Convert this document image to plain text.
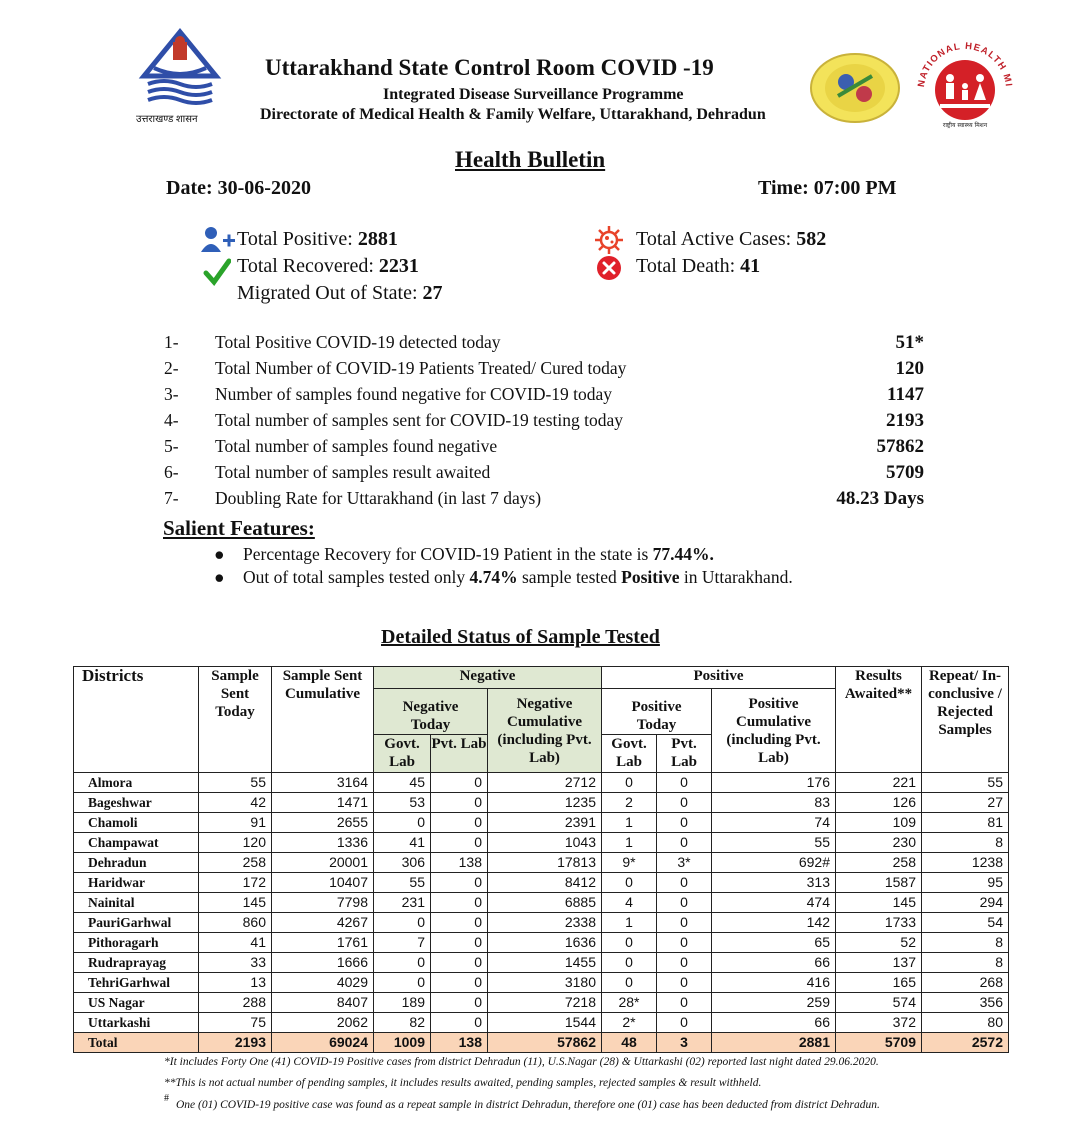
उत्तराखण्ड शासन
Uttarakhand State Control Room COVID -19
Integrated Disease Surveillance Programme
Directorate of Medical Health & Family Welfare, Uttarakhand, Dehradun
NATIONAL HEALTH MI
राष्ट्रीय स्वास्थ्य मिशन
Health Bulletin
Date: 30-06-2020	Time: 07:00 PM
Total Positive: 2881
Total Recovered: 2231
Migrated Out of State: 27
Total Active Cases: 582
Total Death: 41
1- Total Positive COVID-19 detected today	51*
2- Total Number of COVID-19 Patients Treated/ Cured today	120
3- Number of samples found negative for COVID-19 today	1147
4- Total number of samples sent for COVID-19 testing today	2193
5- Total number of samples found negative	57862
6- Total number of samples result awaited	5709
7- Doubling Rate for Uttarakhand (in last 7 days)	48.23 Days
Salient Features:
● Percentage Recovery for COVID-19 Patient in the state is 77.44%.
● Out of total samples tested only 4.74% sample tested Positive in Uttarakhand.
Detailed Status of Sample Tested
Districts	Sample Sent Today	Sample Sent Cumulative	Negative			Positive			Results Awaited**	Repeat/ In-conclusive / Rejected Samples
			Negative Today		Negative Cumulative (including Pvt. Lab)	Positive Today		Positive Cumulative (including Pvt. Lab)		
			Govt. Lab	Pvt. Lab		Govt. Lab	Pvt. Lab			
Almora	55	3164	45	0	2712	0	0	176	221	55
Bageshwar	42	1471	53	0	1235	2	0	83	126	27
Chamoli	91	2655	0	0	2391	1	0	74	109	81
Champawat	120	1336	41	0	1043	1	0	55	230	8
Dehradun	258	20001	306	138	17813	9*	3*	692#	258	1238
Haridwar	172	10407	55	0	8412	0	0	313	1587	95
Nainital	145	7798	231	0	6885	4	0	474	145	294
PauriGarhwal	860	4267	0	0	2338	1	0	142	1733	54
Pithoragarh	41	1761	7	0	1636	0	0	65	52	8
Rudraprayag	33	1666	0	0	1455	0	0	66	137	8
TehriGarhwal	13	4029	0	0	3180	0	0	416	165	268
US Nagar	288	8407	189	0	7218	28*	0	259	574	356
Uttarkashi	75	2062	82	0	1544	2*	0	66	372	80
Total	2193	69024	1009	138	57862	48	3	2881	5709	2572
*It includes Forty One (41) COVID-19 Positive cases from district Dehradun (11), U.S.Nagar (28) & Uttarkashi (02) reported last night dated 29.06.2020.
**This is not actual number of pending samples, it includes results awaited, pending samples, rejected samples & result withheld.
#
One (01) COVID-19 positive case was found as a repeat sample in district Dehradun, therefore one (01) case has been deducted from district Dehradun.
